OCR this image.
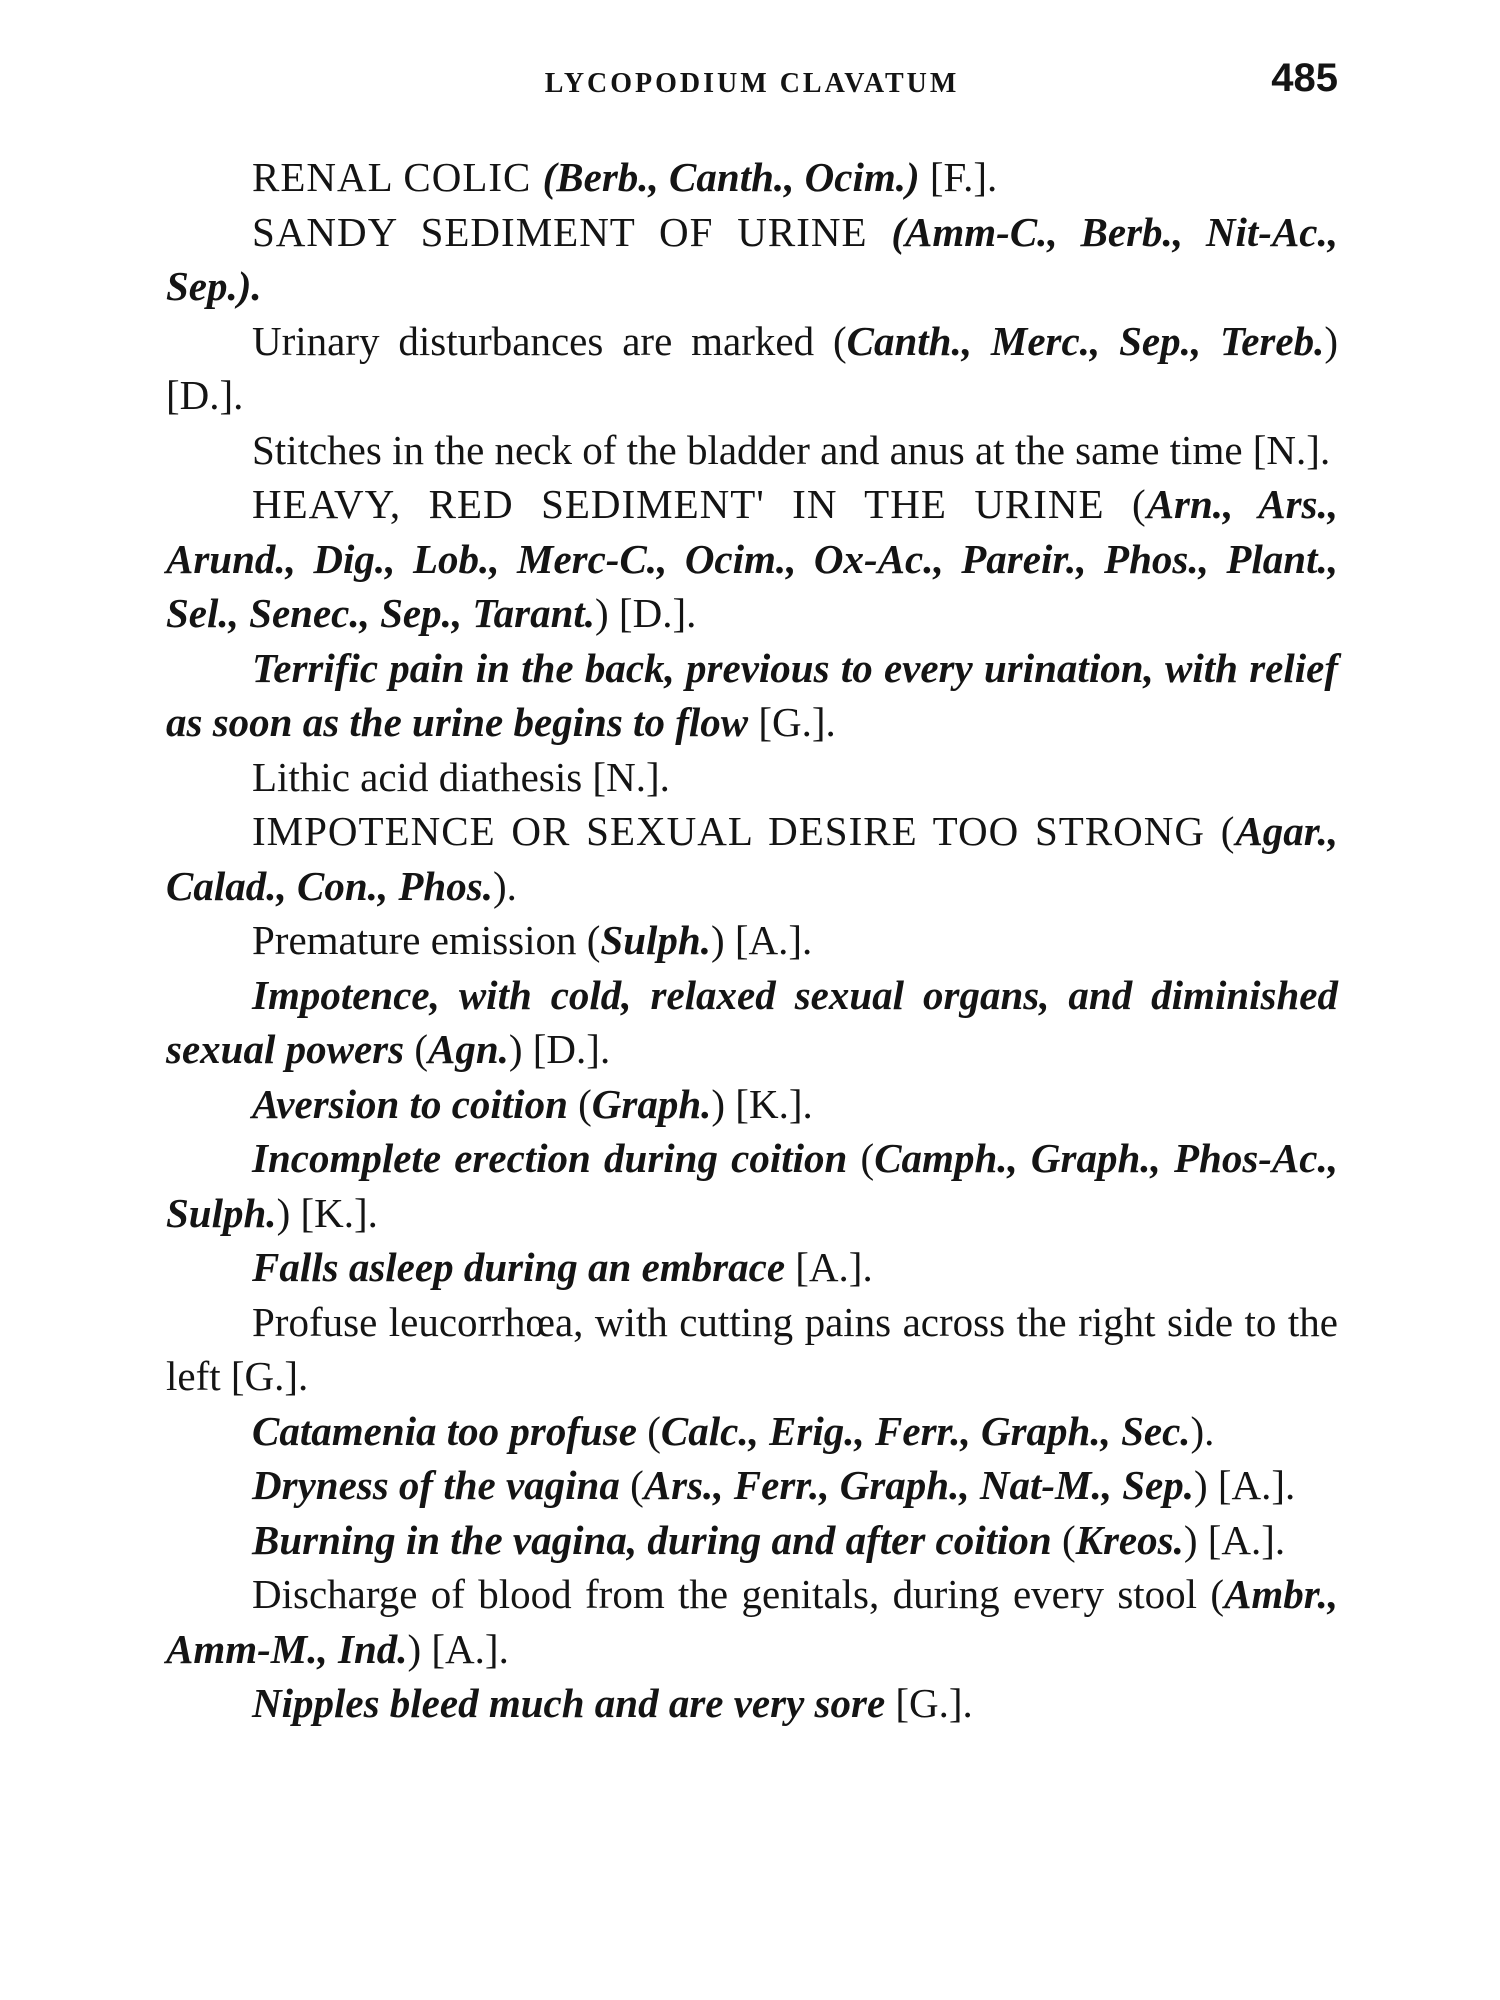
LYCOPODIUM CLAVATUM	485

RENAL COLIC (Berb., Canth., Ocim.) [F.].

SANDY SEDIMENT OF URINE (Amm-C., Berb., Nit-Ac., Sep.).

Urinary disturbances are marked (Canth., Merc., Sep., Tereb.) [D.].

Stitches in the neck of the bladder and anus at the same time [N.].

HEAVY, RED SEDIMENT' IN THE URINE (Arn., Ars., Arund., Dig., Lob., Merc-C., Ocim., Ox-Ac., Pareir., Phos., Plant., Sel., Senec., Sep., Tarant.) [D.].

Terrific pain in the back, previous to every urination, with relief as soon as the urine begins to flow [G.].

Lithic acid diathesis [N.].

IMPOTENCE OR SEXUAL DESIRE TOO STRONG (Agar., Calad., Con., Phos.).

Premature emission (Sulph.) [A.].

Impotence, with cold, relaxed sexual organs, and diminished sexual powers (Agn.) [D.].

Aversion to coition (Graph.) [K.].

Incomplete erection during coition (Camph., Graph., Phos-Ac., Sulph.) [K.].

Falls asleep during an embrace [A.].

Profuse leucorrhœa, with cutting pains across the right side to the left [G.].

Catamenia too profuse (Calc., Erig., Ferr., Graph., Sec.).

Dryness of the vagina (Ars., Ferr., Graph., Nat-M., Sep.) [A.].

Burning in the vagina, during and after coition (Kreos.) [A.].

Discharge of blood from the genitals, during every stool (Ambr., Amm-M., Ind.) [A.].

Nipples bleed much and are very sore [G.].
